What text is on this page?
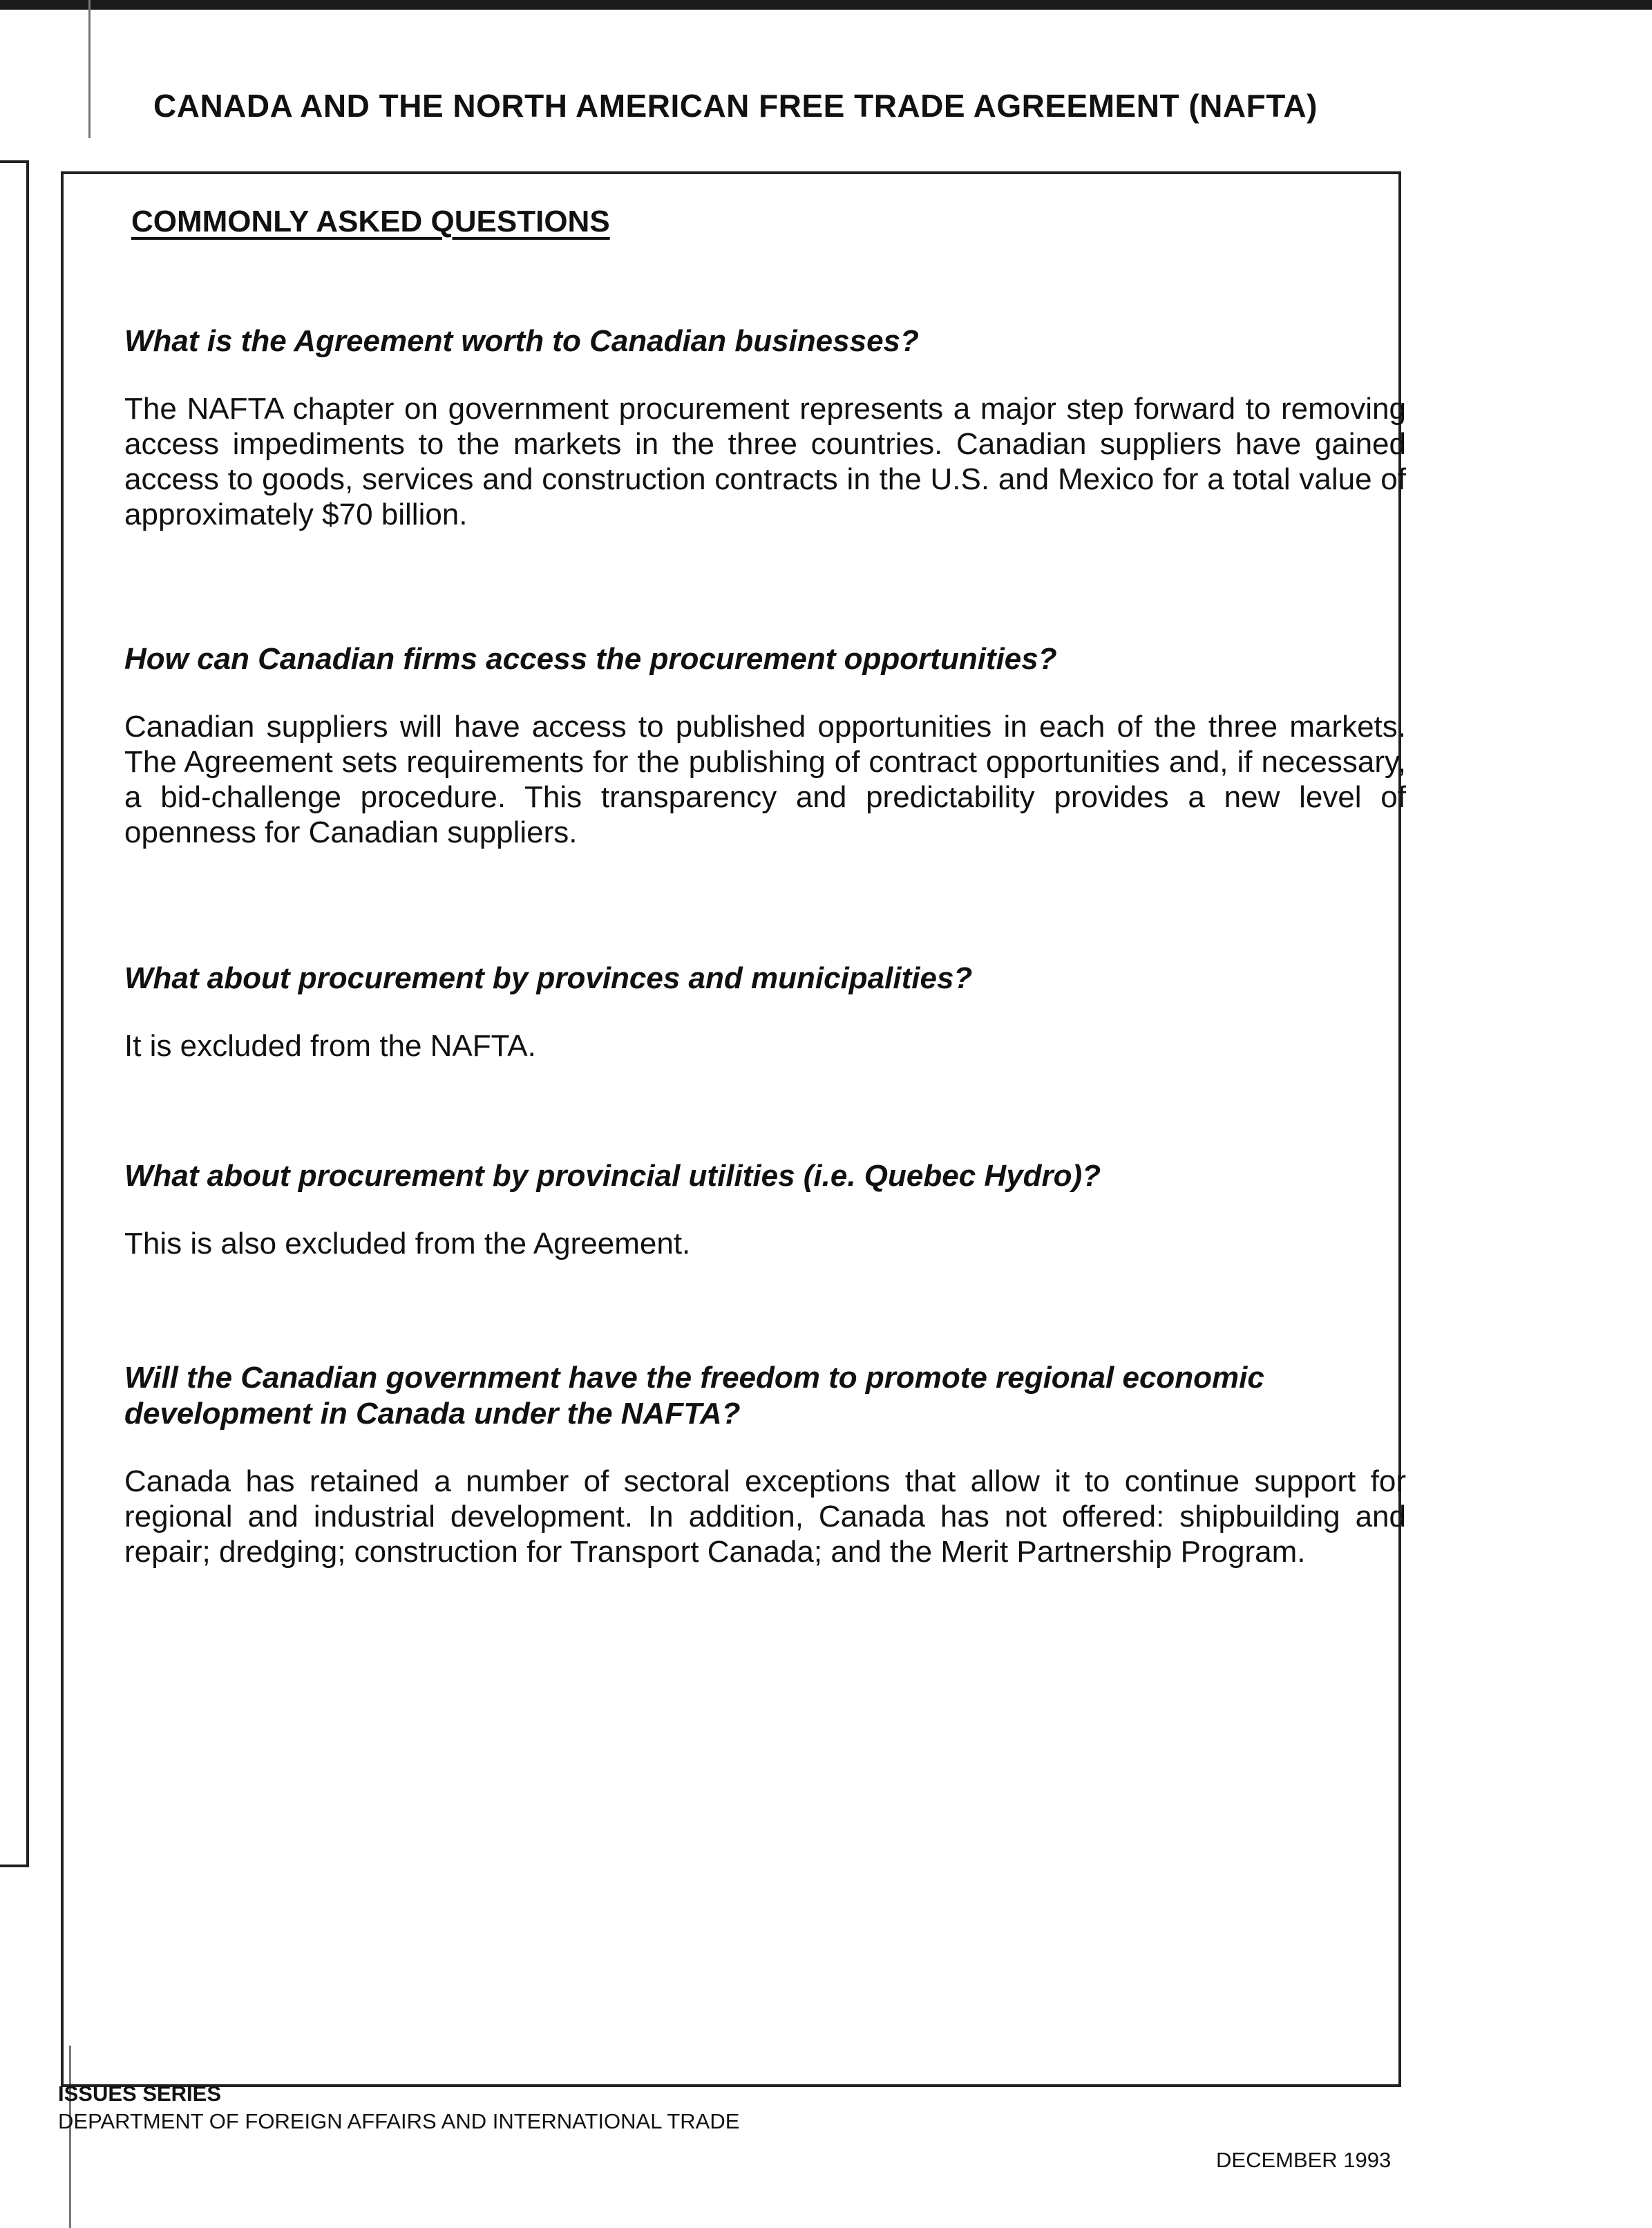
CANADA AND THE NORTH AMERICAN FREE TRADE AGREEMENT (NAFTA)
COMMONLY ASKED QUESTIONS

What is the Agreement worth to Canadian businesses?

The NAFTA chapter on government procurement represents a major step forward to removing access impediments to the markets in the three countries. Canadian suppliers have gained access to goods, services and construction contracts in the U.S. and Mexico for a total value of approximately $70 billion.

How can Canadian firms access the procurement opportunities?

Canadian suppliers will have access to published opportunities in each of the three markets. The Agreement sets requirements for the publishing of contract opportunities and, if necessary, a bid-challenge procedure. This transparency and predictability provides a new level of openness for Canadian suppliers.

What about procurement by provinces and municipalities?

It is excluded from the NAFTA.

What about procurement by provincial utilities (i.e. Quebec Hydro)?

This is also excluded from the Agreement.

Will the Canadian government have the freedom to promote regional economic development in Canada under the NAFTA?

Canada has retained a number of sectoral exceptions that allow it to continue support for regional and industrial development. In addition, Canada has not offered: shipbuilding and repair; dredging; construction for Transport Canada; and the Merit Partnership Program.

ISSUES SERIES
DEPARTMENT OF FOREIGN AFFAIRS AND INTERNATIONAL TRADE
DECEMBER 1993
